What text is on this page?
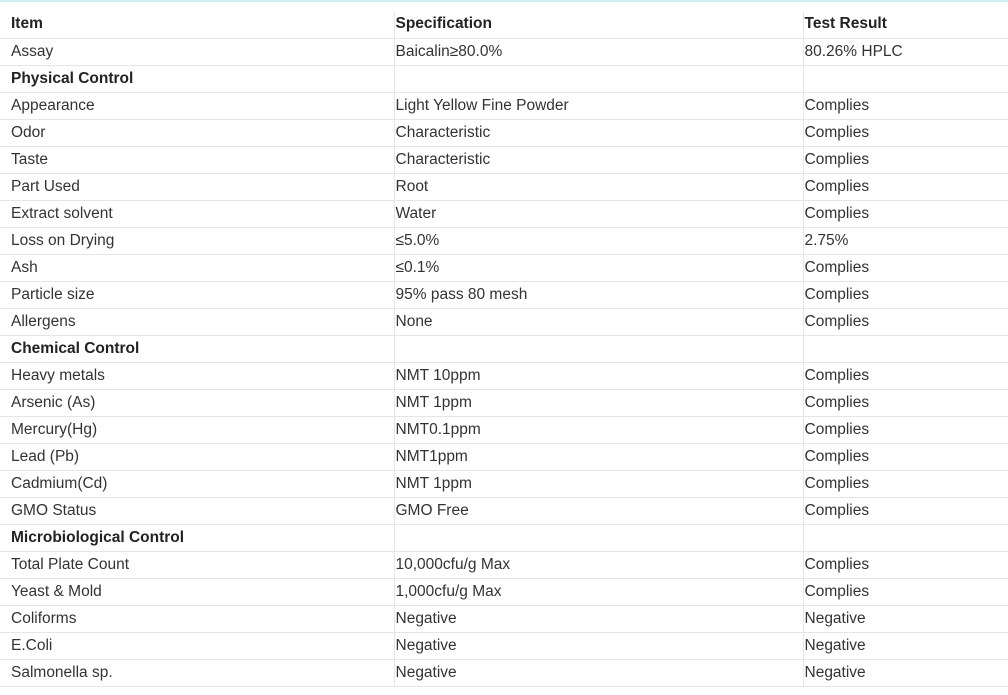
Item	Specification	Test Result
Assay	Baicalin≥80.0%	80.26% HPLC
Physical Control		
Appearance	Light Yellow Fine Powder	Complies
Odor	Characteristic	Complies
Taste	Characteristic	Complies
Part Used	Root	Complies
Extract solvent	Water	Complies
Loss on Drying	≤5.0%	2.75%
Ash	≤0.1%	Complies
Particle size	95% pass 80 mesh	Complies
Allergens	None	Complies
Chemical Control		
Heavy metals	NMT 10ppm	Complies
Arsenic (As)	NMT 1ppm	Complies
Mercury(Hg)	NMT0.1ppm	Complies
Lead (Pb)	NMT1ppm	Complies
Cadmium(Cd)	NMT 1ppm	Complies
GMO Status	GMO Free	Complies
Microbiological Control		
Total Plate Count	10,000cfu/g Max	Complies
Yeast & Mold	1,000cfu/g Max	Complies
Coliforms	Negative	Negative
E.Coli	Negative	Negative
Salmonella sp.	Negative	Negative
